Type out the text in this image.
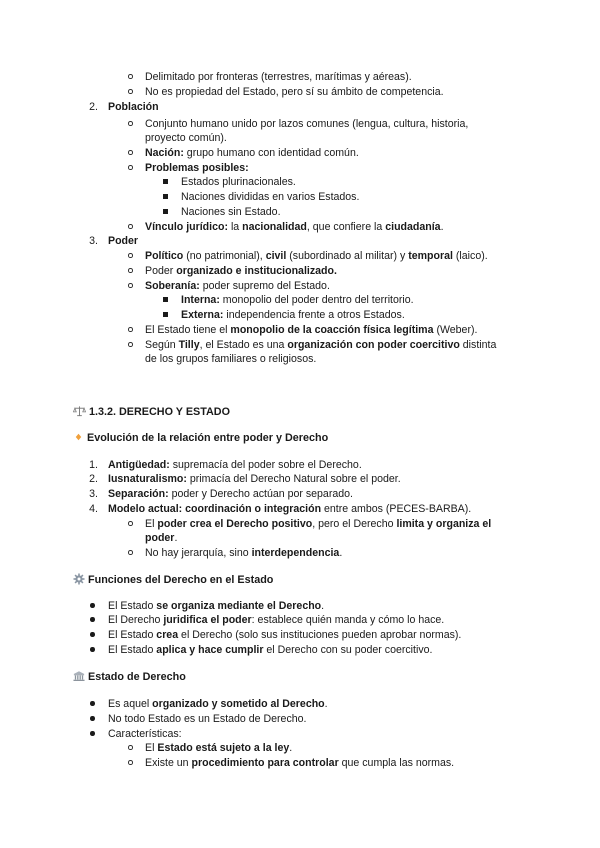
Delimitado por fronteras (terrestres, marítimas y aéreas).
No es propiedad del Estado, pero sí su ámbito de competencia.
2. Población
Conjunto humano unido por lazos comunes (lengua, cultura, historia,
proyecto común).
Nación: grupo humano con identidad común.
Problemas posibles:
Estados plurinacionales.
Naciones divididas en varios Estados.
Naciones sin Estado.
Vínculo jurídico: la nacionalidad, que confiere la ciudadanía.
3. Poder
Político (no patrimonial), civil (subordinado al militar) y temporal (laico).
Poder organizado e institucionalizado.
Soberanía: poder supremo del Estado.
Interna: monopolio del poder dentro del territorio.
Externa: independencia frente a otros Estados.
El Estado tiene el monopolio de la coacción física legítima (Weber).
Según Tilly, el Estado es una organización con poder coercitivo distinta
de los grupos familiares o religiosos.
1.3.2. DERECHO Y ESTADO
Evolución de la relación entre poder y Derecho
1. Antigüedad: supremacía del poder sobre el Derecho.
2. Iusnaturalismo: primacía del Derecho Natural sobre el poder.
3. Separación: poder y Derecho actúan por separado.
4. Modelo actual: coordinación o integración entre ambos (PECES-BARBA).
El poder crea el Derecho positivo, pero el Derecho limita y organiza el
poder.
No hay jerarquía, sino interdependencia.
Funciones del Derecho en el Estado
El Estado se organiza mediante el Derecho.
El Derecho juridifica el poder: establece quién manda y cómo lo hace.
El Estado crea el Derecho (solo sus instituciones pueden aprobar normas).
El Estado aplica y hace cumplir el Derecho con su poder coercitivo.
Estado de Derecho
Es aquel organizado y sometido al Derecho.
No todo Estado es un Estado de Derecho.
Características:
El Estado está sujeto a la ley.
Existe un procedimiento para controlar que cumpla las normas.
